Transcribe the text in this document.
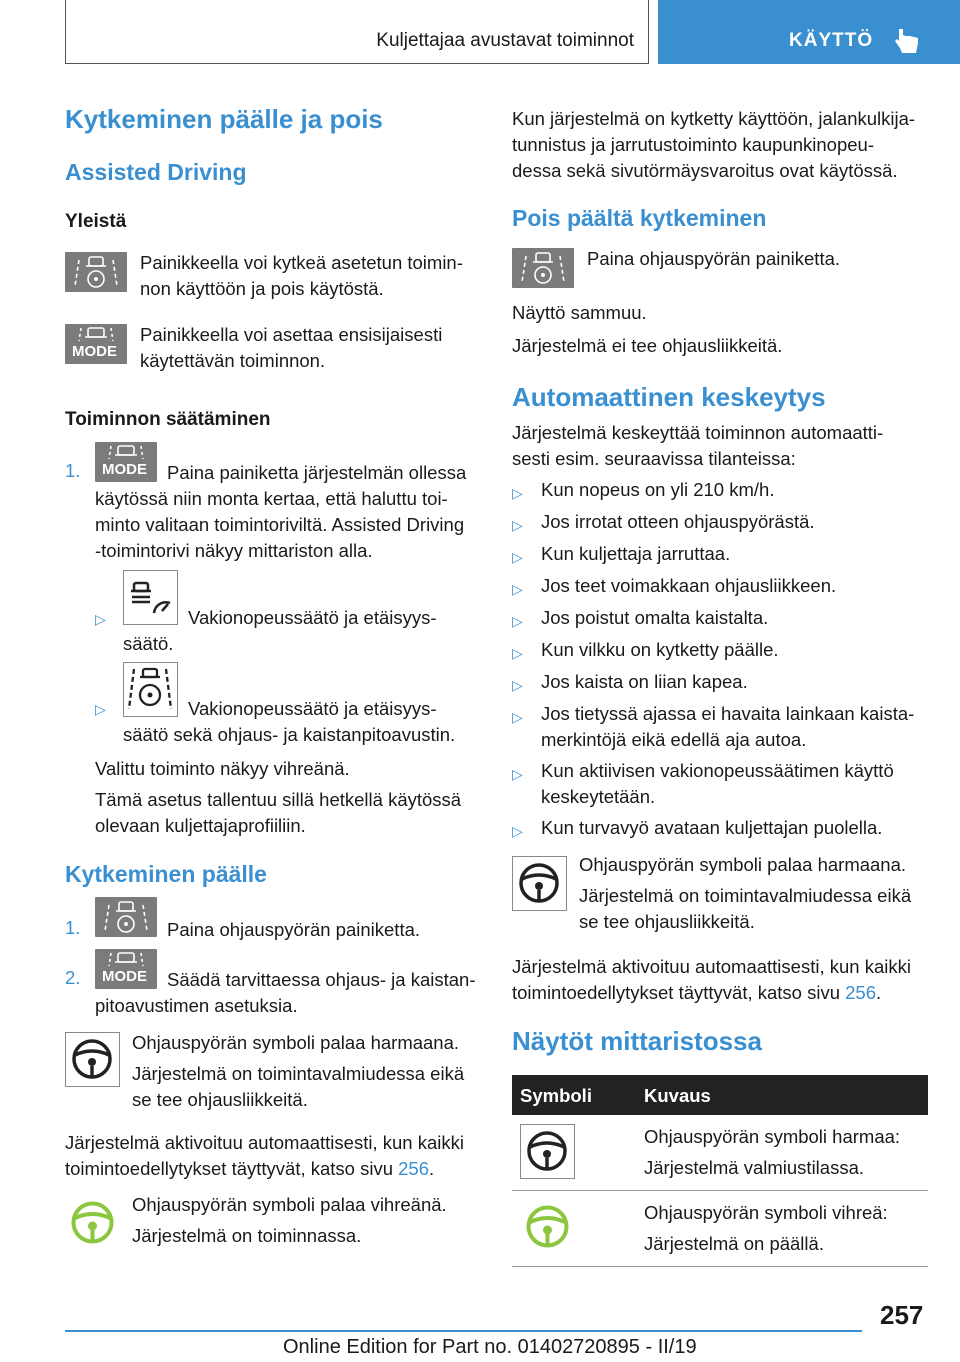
Kuljettajaa avustavat toiminnot	KÄYTTÖ
Kytkeminen päälle ja pois
Assisted Driving
Yleistä
Painikkeella voi kytkeä asetetun toimin-
non käyttöön ja pois käytöstä.
MODE
Painikkeella voi asettaa ensisijaisesti
käytettävän toiminnon.
Toiminnon säätäminen
1. MODE Paina painiketta järjestelmän ollessa
käytössä niin monta kertaa, että haluttu toi-
minto valitaan toimintoriviltä. Assisted Driving
-toimintorivi näkyy mittariston alla.
▷	Vakionopeussäätö ja etäisyys-
säätö.
▷	Vakionopeussäätö ja etäisyys-
säätö sekä ohjaus- ja kaistanpitoavustin.
Valittu toiminto näkyy vihreänä.
Tämä asetus tallentuu sillä hetkellä käytössä
olevaan kuljettajaprofiiliin.
Kytkeminen päälle
1.	Paina ohjauspyörän painiketta.
2. MODE Säädä tarvittaessa ohjaus- ja kaistan-
pitoavustimen asetuksia.
Ohjauspyörän symboli palaa harmaana.
Järjestelmä on toimintavalmiudessa eikä
se tee ohjausliikkeitä.
Järjestelmä aktivoituu automaattisesti, kun kaikki
toimintoedellytykset täyttyvät, katso sivu 256.
Ohjauspyörän symboli palaa vihreänä.
Järjestelmä on toiminnassa.
Kun järjestelmä on kytketty käyttöön, jalankulkija-
tunnistus ja jarrutustoiminto kaupunkinopeu-
dessa sekä sivutörmäysvaroitus ovat käytössä.
Pois päältä kytkeminen
Paina ohjauspyörän painiketta.
Näyttö sammuu.
Järjestelmä ei tee ohjausliikkeitä.
Automaattinen keskeytys
Järjestelmä keskeyttää toiminnon automaatti-
sesti esim. seuraavissa tilanteissa:
▷ Kun nopeus on yli 210 km/h.
▷ Jos irrotat otteen ohjauspyörästä.
▷ Kun kuljettaja jarruttaa.
▷ Jos teet voimakkaan ohjausliikkeen.
▷ Jos poistut omalta kaistalta.
▷ Kun vilkku on kytketty päälle.
▷ Jos kaista on liian kapea.
▷ Jos tietyssä ajassa ei havaita lainkaan kaista-
merkintöjä eikä edellä aja autoa.
▷ Kun aktiivisen vakionopeussäätimen käyttö
keskeytetään.
▷ Kun turvavyö avataan kuljettajan puolella.
Ohjauspyörän symboli palaa harmaana.
Järjestelmä on toimintavalmiudessa eikä
se tee ohjausliikkeitä.
Järjestelmä aktivoituu automaattisesti, kun kaikki
toimintoedellytykset täyttyvät, katso sivu 256.
Näytöt mittaristossa
Symboli	Kuvaus
Ohjauspyörän symboli harmaa:
Järjestelmä valmiustilassa.
Ohjauspyörän symboli vihreä:
Järjestelmä on päällä.
257
Online Edition for Part no. 01402720895 - II/19
